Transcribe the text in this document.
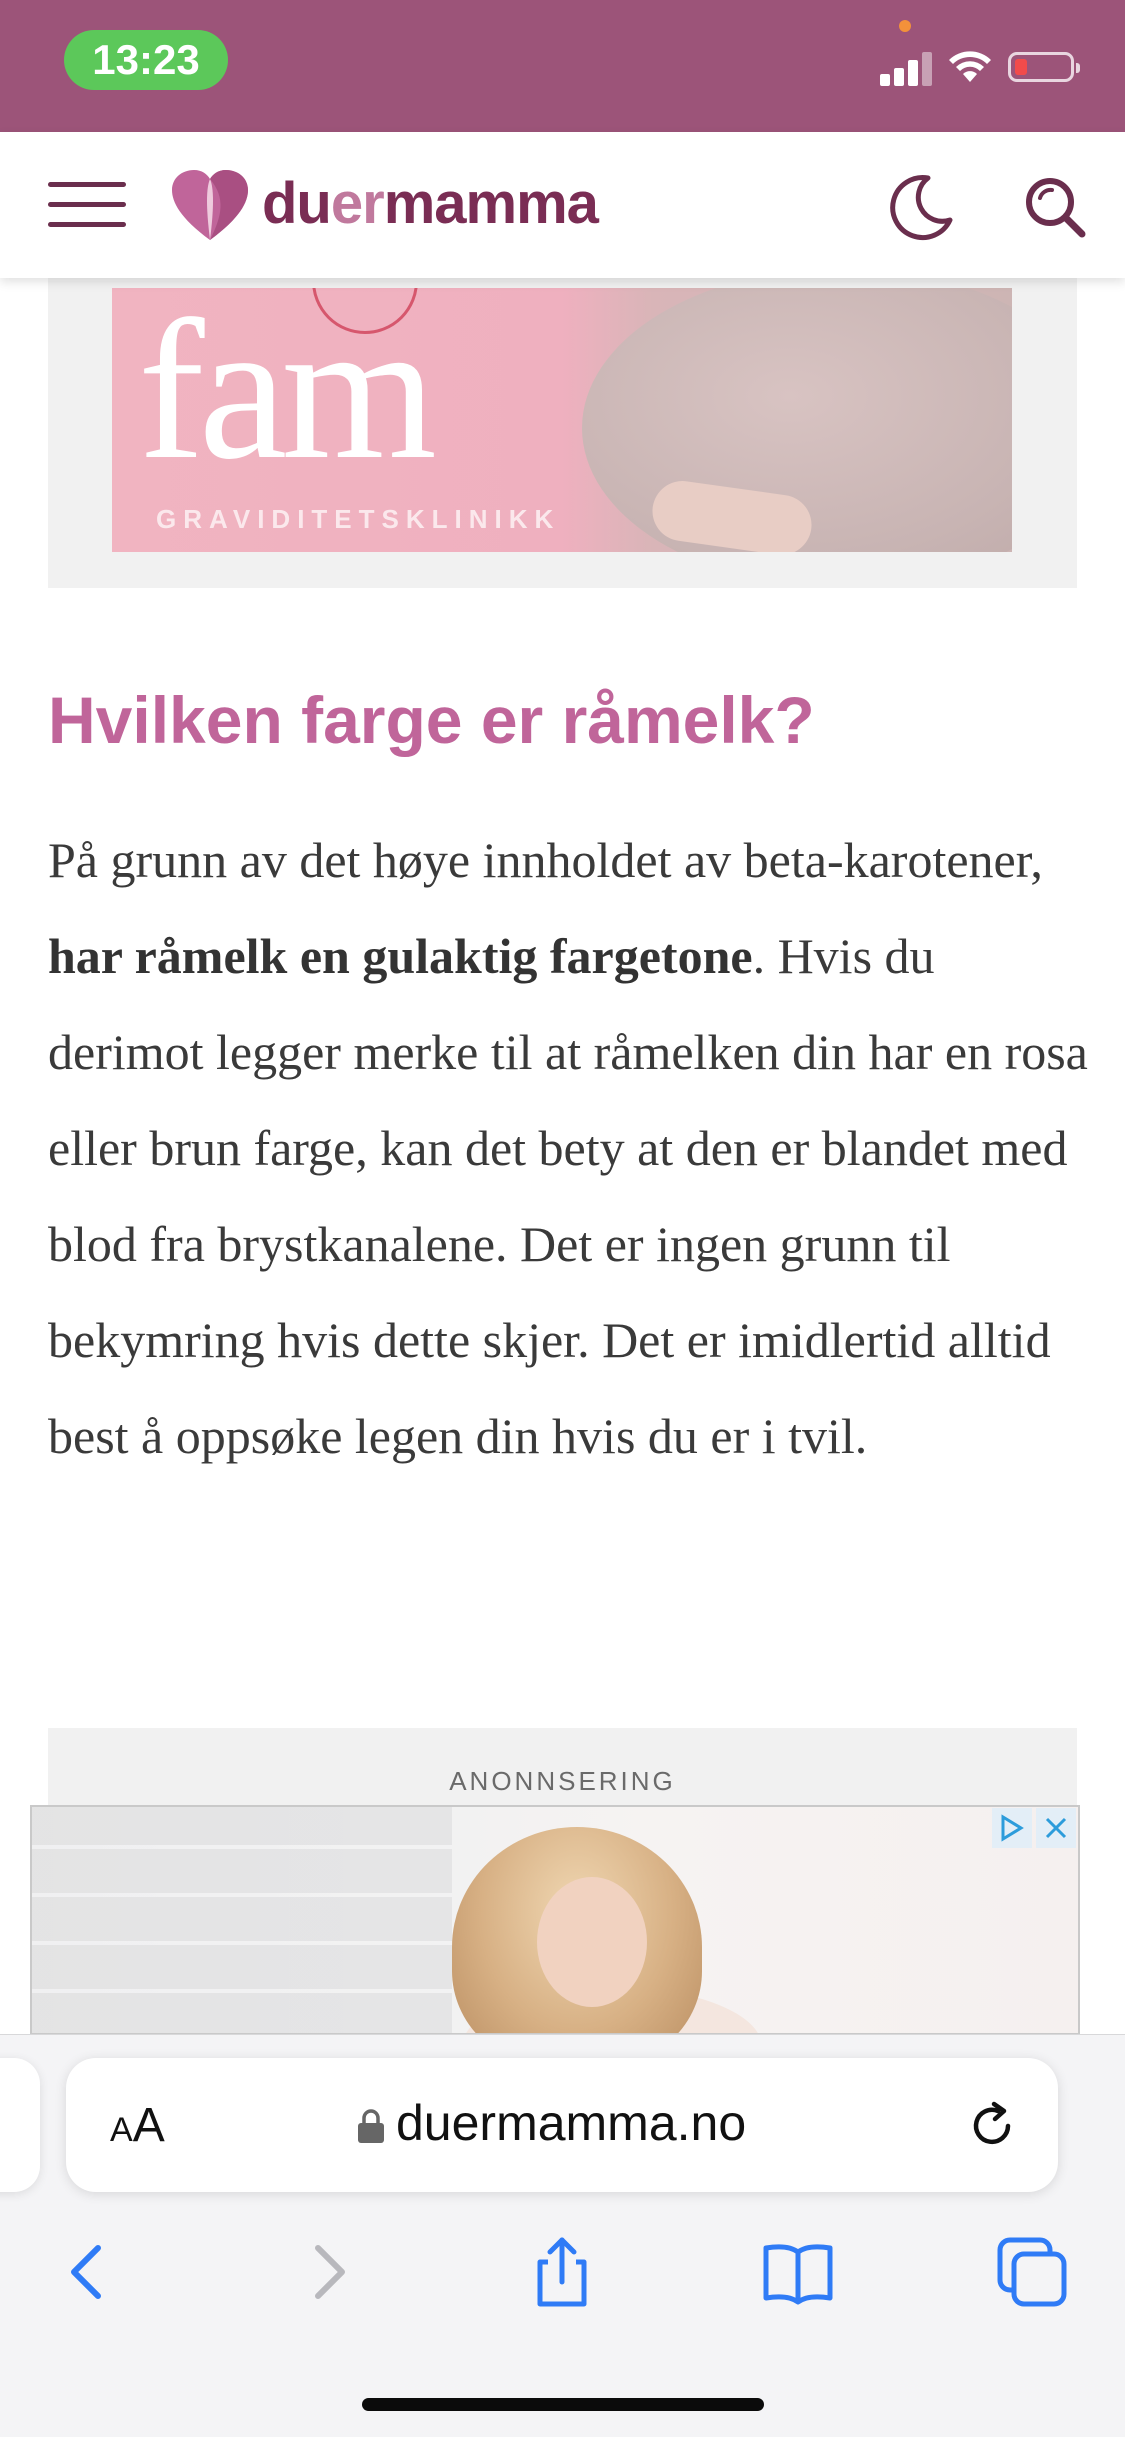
13:23
duermamma
fam
GRAVIDITETSKLINIKK
Hvilken farge er råmelk?

På grunn av det høye innholdet av beta-karotener, har råmelk en gulaktig fargetone. Hvis du derimot legger merke til at råmelken din har en rosa eller brun farge, kan det bety at den er blandet med blod fra brystkanalene. Det er ingen grunn til bekymring hvis dette skjer. Det er imidlertid alltid best å oppsøke legen din hvis du er i tvil.

ANONNSERING
AA	duermamma.no
